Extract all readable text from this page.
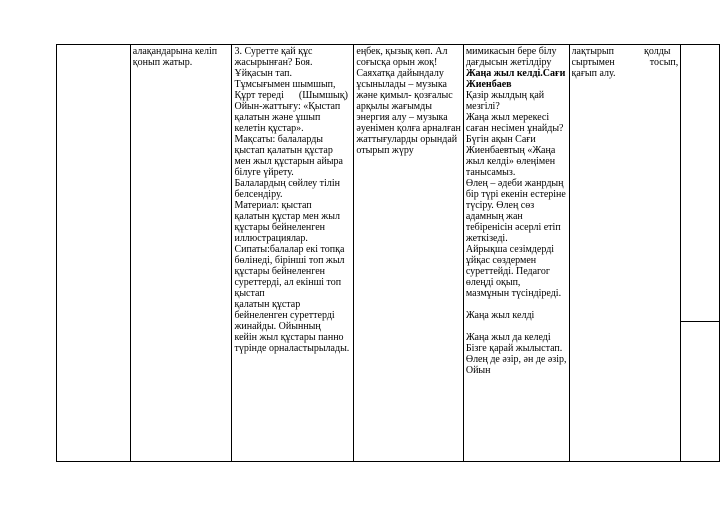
алақандарына келіп
қонып жатыр.

3. Суретте қай құс
жасырынған? Боя.
Ұйқасын тап.
Тұмсығымен шымшып,
Құрт тереді      (Шымшық)
Ойын-жаттығу: «Қыстап
қалатын және ұшып
келетін құстар».
Мақсаты: балаларды
қыстап қалатын құстар
мен жыл құстарын айыра
білуге үйрету.
Балалардың сөйлеу тілін
белсендіру.
Материал: қыстап
қалатын құстар мен жыл
құстары бейнеленген
иллюстрациялар.
Сипаты:балалар екі топқа
бөлінеді, бірінші топ жыл
құстары бейнеленген
суреттерді, ал екінші топ
қыстап
қалатын құстар
бейнеленген суреттерді
жинайды. Ойынның
кейін жыл құстары панно
түрінде орналастырылады.

еңбек, қызық көп. Ал
соғысқа орын жоқ!
Саяхатқа дайындалу
ұсынылады – музыка
және қимыл- қозғалыс
арқылы жағымды
энергия алу – музыка
әуенімен қолға арналған
жаттығуларды орындай
отырып жүру

мимикасын бере білу
дағдысын жетілдіру
Жаңа жыл келді.Сағи
Жиенбаев
Қазір жылдың қай
мезгілі?
Жаңа жыл мерекесі
саған несімен ұнайды?
Бүгін ақын Сағи
Жиенбаевтың «Жаңа
жыл келді» өлеңімен
танысамыз.
Өлең – әдеби жанрдың
бір түрі екенін естеріне
түсіру. Өлең сөз
адамның жан
тебіренісін әсерлі етіп
жеткізеді.
Айрықша сезімдерді
ұйқас сөздермен
суреттейді. Педагог
өлеңді оқып,
мазмұнын түсіндіреді.
Жаңа жыл келді
Жаңа жыл да келеді
Бізге қарай жылыстап.
Өлең де әзір, ән де әзір,
Ойын

лақтырып            қолды
сыртымен              тосып,
қағып алу.
